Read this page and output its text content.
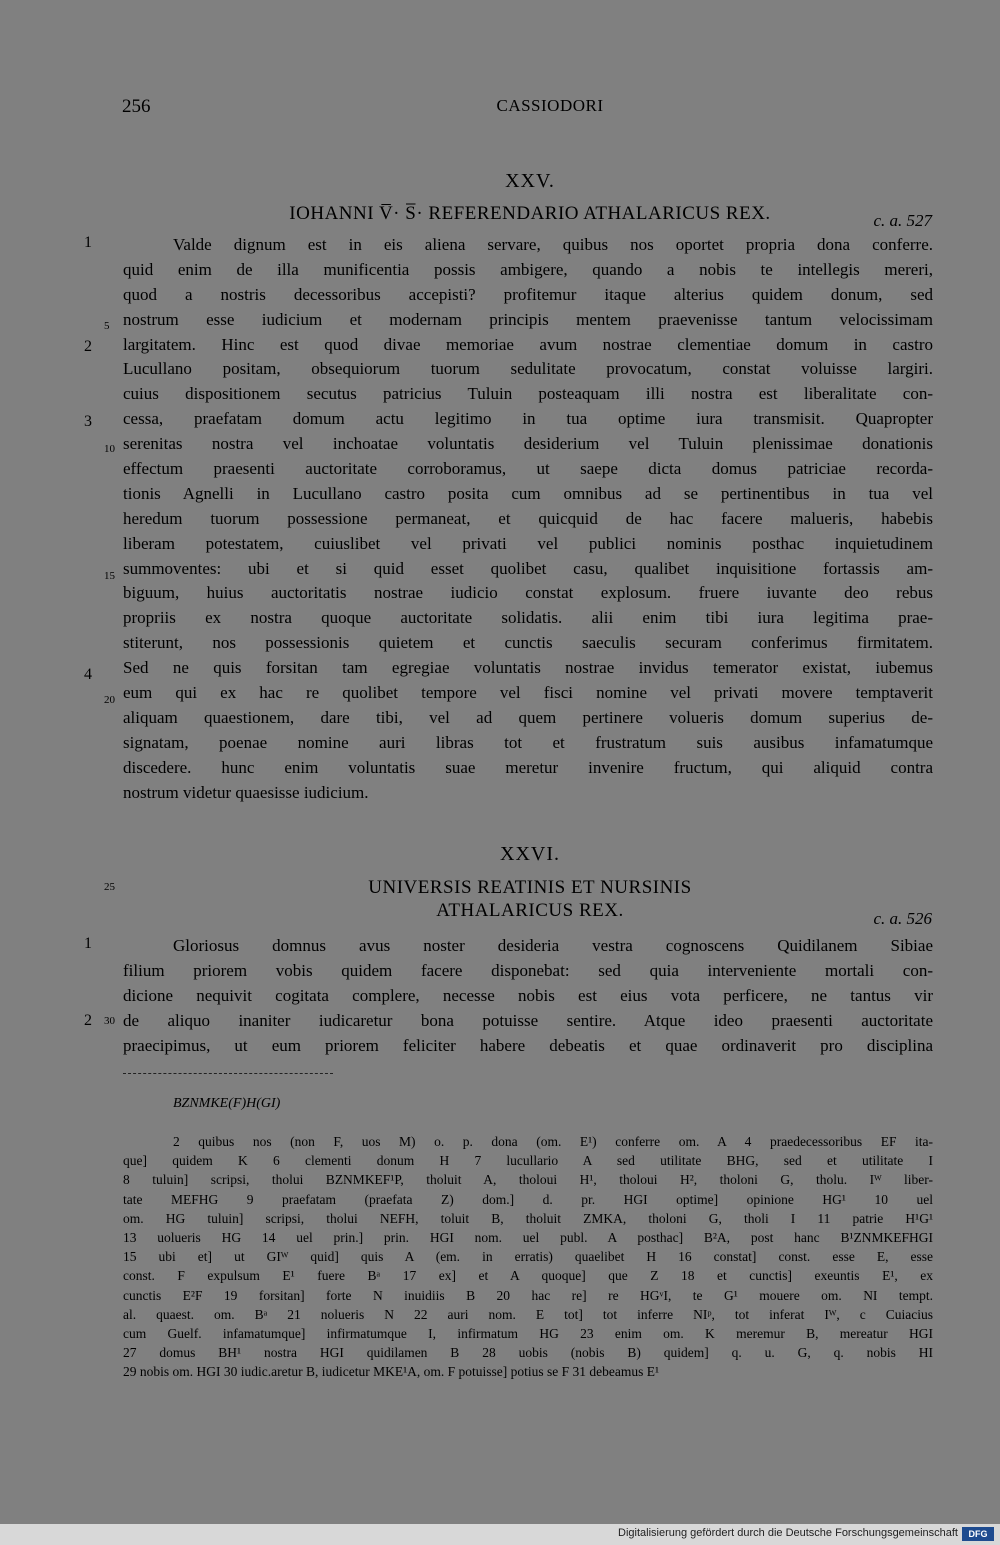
256	CASSIODORI
XXV.
IOHANNI V̅· S̅· REFERENDARIO ATHALARICUS REX.	c. a. 527
Valde dignum est in eis aliena servare, quibus nos oportet propria dona conferre.
quid enim de illa munificentia possis ambigere, quando a nobis te intellegis mereri,
quod a nostris decessoribus accepisti? profitemur itaque alterius quidem donum, sed
nostrum esse iudicium et modernam principis mentem praevenisse tantum velocissimam
largitatem. Hinc est quod divae memoriae avum nostrae clementiae domum in castro
Lucullano positam, obsequiorum tuorum sedulitate provocatum, constat voluisse largiri.
cuius dispositionem secutus patricius Tuluin posteaquam illi nostra est liberalitate con-
cessa, praefatam domum actu legitimo in tua optime iura transmisit. Quapropter
serenitas nostra vel inchoatae voluntatis desiderium vel Tuluin plenissimae donationis
effectum praesenti auctoritate corroboramus, ut saepe dicta domus patriciae recorda-
tionis Agnelli in Lucullano castro posita cum omnibus ad se pertinentibus in tua vel
heredum tuorum possessione permaneat, et quicquid de hac facere malueris, habebis
liberam potestatem, cuiuslibet vel privati vel publici nominis posthac inquietudinem
summoventes: ubi et si quid esset quolibet casu, qualibet inquisitione fortassis am-
biguum, huius auctoritatis nostrae iudicio constat explosum. fruere iuvante deo rebus
propriis ex nostra quoque auctoritate solidatis. alii enim tibi iura legitima prae-
stiterunt, nos possessionis quietem et cunctis saeculis securam conferimus firmitatem.
Sed ne quis forsitan tam egregiae voluntatis nostrae invidus temerator existat, iubemus
eum qui ex hac re quolibet tempore vel fisci nomine vel privati movere temptaverit
aliquam quaestionem, dare tibi, vel ad quem pertinere volueris domum superius de-
signatam, poenae nomine auri libras tot et frustratum suis ausibus infamatumque
discedere. hunc enim voluntatis suae meretur invenire fructum, qui aliquid contra
nostrum videtur quaesisse iudicium.
1
5
2
3
10
15
4
20
XXVI.
UNIVERSIS REATINIS ET NURSINIS
ATHALARICUS REX.	c. a. 526
25
Gloriosus domnus avus noster desideria vestra cognoscens Quidilanem Sibiae
filium priorem vobis quidem facere disponebat: sed quia interveniente mortali con-
dicione nequivit cogitata complere, necesse nobis est eius vota perficere, ne tantus vir
de aliquo inaniter iudicaretur bona potuisse sentire. Atque ideo praesenti auctoritate
praecipimus, ut eum priorem feliciter habere debeatis et quae ordinaverit pro disciplina
1
2 30
BZNMKE(F)H(GI)
2 quibus nos (non F, uos M) o. p. dona (om. E¹) conferre om. A 4 praedecessoribus EF ita-
que] quidem K 6 clementi donum H 7 lucullario A sed utilitate BHG, sed et utilitate I
8 tuluin] scripsi, tholui BZNMKEF¹P, tholuit A, tholoui H¹, tholoui H², tholoni G, tholu. Iᵂ liber-
tate MEFHG 9 praefatam (praefata Z) dom.] d. pr. HGI optime] opinione HG¹ 10 uel
om. HG tuluin] scripsi, tholui NEFH, toluit B, tholuit ZMKA, tholoni G, tholi I 11 patrie H¹G¹
13 uolueris HG 14 uel prin.] prin. HGI nom. uel publ. A posthac] B²A, post hanc B¹ZNMKEFHGI
15 ubi et] ut GIᵂ quid] quis A (em. in erratis) quaelibet H 16 constat] const. esse E, esse
const. F expulsum E¹ fuere Bᵃ 17 ex] et A quoque] que Z 18 et cunctis] exeuntis E¹, ex
cunctis E²F 19 forsitan] forte N inuidiis B 20 hac re] re HGᵛI, te G¹ mouere om. NI tempt.
al. quaest. om. Bᵃ 21 nolueris N 22 auri nom. E tot] tot inferre NIᵖ, tot inferat Iᵂ, c Cuiacius
cum Guelf. infamatumque] infirmatumque I, infirmatum HG 23 enim om. K meremur B, mereatur HGI
27 domus BH¹ nostra HGI quidilamen B 28 uobis (nobis B) quidem] q. u. G, q. nobis HI
29 nobis om. HGI 30 iudic.aretur B, iudicetur MKE¹A, om. F potuisse] potius se F 31 debeamus E¹
Digitalisierung gefördert durch die Deutsche Forschungsgemeinschaft	DFG
